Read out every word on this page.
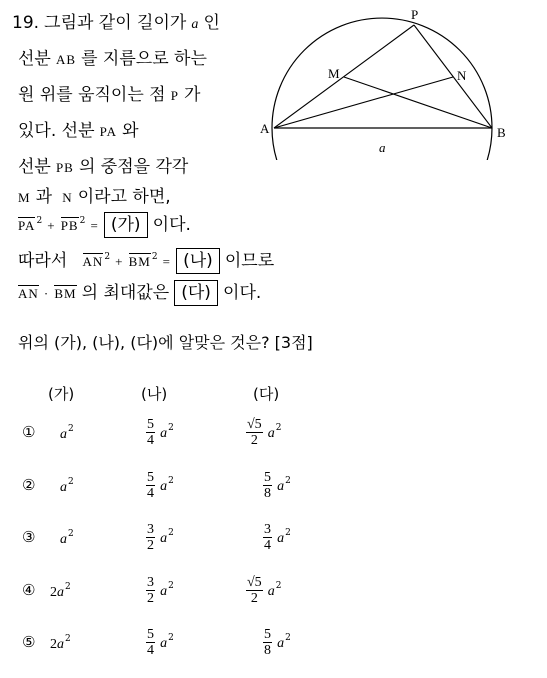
19. 그림과 같이 길이가 a 인
선분 AB 를 지름으로 하는
원 위를 움직이는 점 P 가
있다. 선분 PA 와
선분 PB 의 중점을 각각
M 과 N 이라고 하면,
$PA^2 + PB^2$ = (가) 이다.
따라서 $AN^2 + BM^2$ = (나) 이므로
AN · BM 의 최대값은 (다) 이다.
위의 (가), (나), (다)에 알맞은 것은? [3점]
A	B
P
M	N
a
(가)	(나)	(다)
① $a^2$	$\frac{5}{4} a^2$	$\frac{√5}{2} a^2$
② $a^2$	$\frac{5}{4} a^2$	$\frac{5}{8} a^2$
③ $a^2$	$\frac{3}{2} a^2$	$\frac{3}{4} a^2$
④ $2a^2$	$\frac{3}{2} a^2$	$\frac{√5}{2} a^2$
⑤ $2a^2$	$\frac{5}{4} a^2$	$\frac{5}{8} a^2$
